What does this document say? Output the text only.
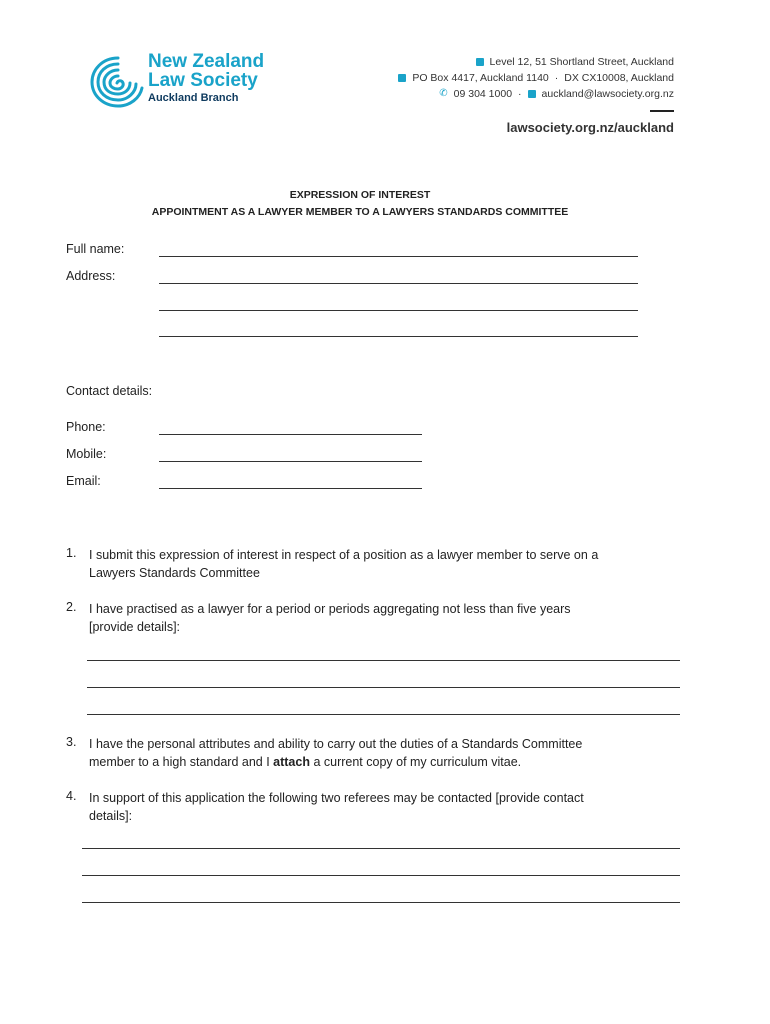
New Zealand
Law Society
Auckland Branch
Level 12, 51 Shortland Street, Auckland
PO Box 4417, Auckland 1140 · DX CX10008, Auckland
✆ 09 304 1000 · auckland@lawsociety.org.nz
lawsociety.org.nz/auckland
EXPRESSION OF INTEREST
APPOINTMENT AS A LAWYER MEMBER TO A LAWYERS STANDARDS COMMITTEE
Full name:
Address:
Contact details:
Phone:
Mobile:
Email:
1. I submit this expression of interest in respect of a position as a lawyer member to serve on a
Lawyers Standards Committee
2. I have practised as a lawyer for a period or periods aggregating not less than five years
[provide details]:
3. I have the personal attributes and ability to carry out the duties of a Standards Committee
member to a high standard and I attach a current copy of my curriculum vitae.
4. In support of this application the following two referees may be contacted [provide contact
details]:
